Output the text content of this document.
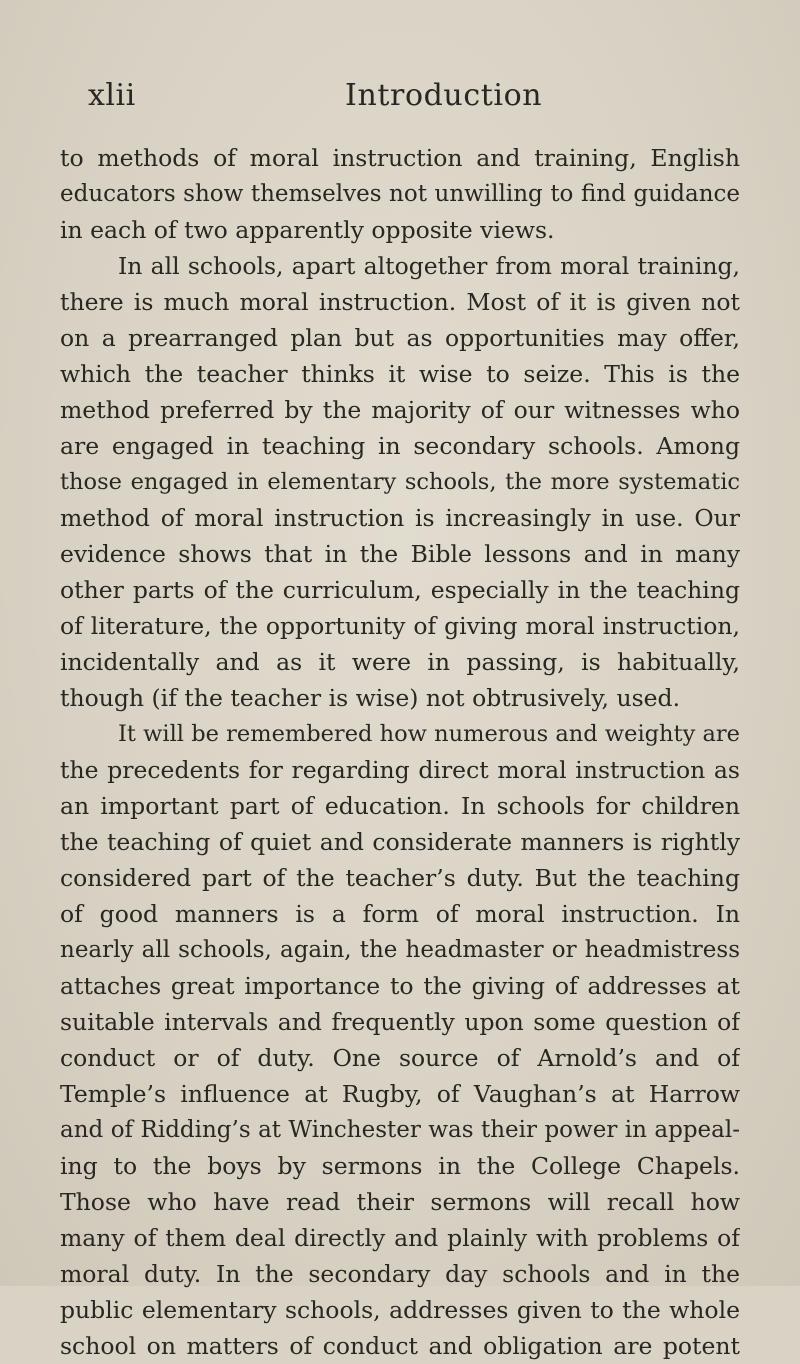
xlii	Introduction
to methods of moral instruction and training, English
educators show themselves not unwilling to find guidance
in each of two apparently opposite views.
In all schools, apart altogether from moral training,
there is much moral instruction. Most of it is given not
on a prearranged plan but as opportunities may offer,
which the teacher thinks it wise to seize. This is the
method preferred by the majority of our witnesses who
are engaged in teaching in secondary schools. Among
those engaged in elementary schools, the more systematic
method of moral instruction is increasingly in use. Our
evidence shows that in the Bible lessons and in many
other parts of the curriculum, especially in the teaching
of literature, the opportunity of giving moral instruction,
incidentally and as it were in passing, is habitually,
though (if the teacher is wise) not obtrusively, used.
It will be remembered how numerous and weighty are
the precedents for regarding direct moral instruction as
an important part of education. In schools for children
the teaching of quiet and considerate manners is rightly
considered part of the teacher’s duty. But the teaching
of good manners is a form of moral instruction. In
nearly all schools, again, the headmaster or headmistress
attaches great importance to the giving of addresses at
suitable intervals and frequently upon some question of
conduct or of duty. One source of Arnold’s and of
Temple’s influence at Rugby, of Vaughan’s at Harrow
and of Ridding’s at Winchester was their power in appeal-
ing to the boys by sermons in the College Chapels.
Those who have read their sermons will recall how
many of them deal directly and plainly with problems of
moral duty. In the secondary day schools and in the
public elementary schools, addresses given to the whole
school on matters of conduct and obligation are potent
